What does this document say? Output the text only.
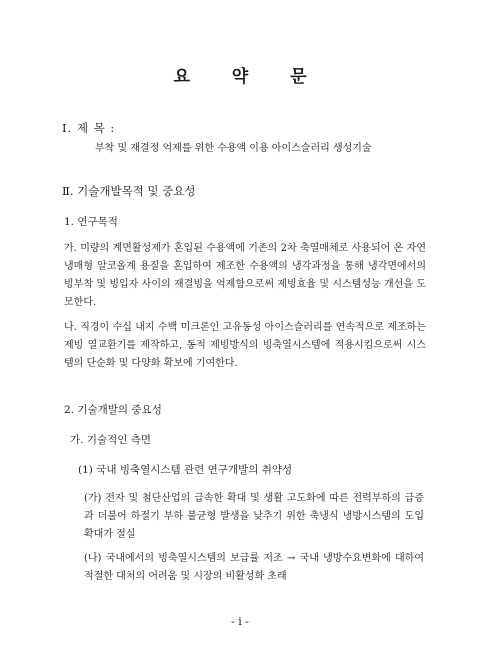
요 약 문
Ⅰ. 제 목 :
부착 및 재결정 억제를 위한 수용액 이용 아이스슬러리 생성기술
Ⅱ. 기술개발목적 및 중요성
1. 연구목적
가. 미량의 계면활성제가 혼입된 수용액에 기존의 2차 축열매체로 사용되어 온 자연냉매형 알코올계 용질을 혼입하여 제조한 수용액의 냉각과정을 통해 냉각면에서의 빙부착 및 빙입자 사이의 재결빙을 억제함으로써 제빙효율 및 시스템성능 개선을 도모한다.
나. 직경이 수십 내지 수백 미크론인 고유동성 아이스슬러리를 연속적으로 제조하는 제빙 열교환기를 제작하고, 동적 제빙방식의 빙축열시스템에 적용시킴으로써 시스템의 단순화 및 다양화 확보에 기여한다.
2. 기술개발의 중요성
가. 기술적인 측면
(1) 국내 빙축열시스템 관련 연구개발의 취약성
(가) 전자 및 첨단산업의 급속한 확대 및 생활 고도화에 따른 전력부하의 급증과 더불어 하절기 부하 불균형 발생을 낮추기 위한 축냉식 냉방시스템의 도입 확대가 절실
(나) 국내에서의 빙축열시스템의 보급률 저조 → 국내 냉방수요변화에 대하여 적절한 대처의 어려움 및 시장의 비활성화 초래
- i -
